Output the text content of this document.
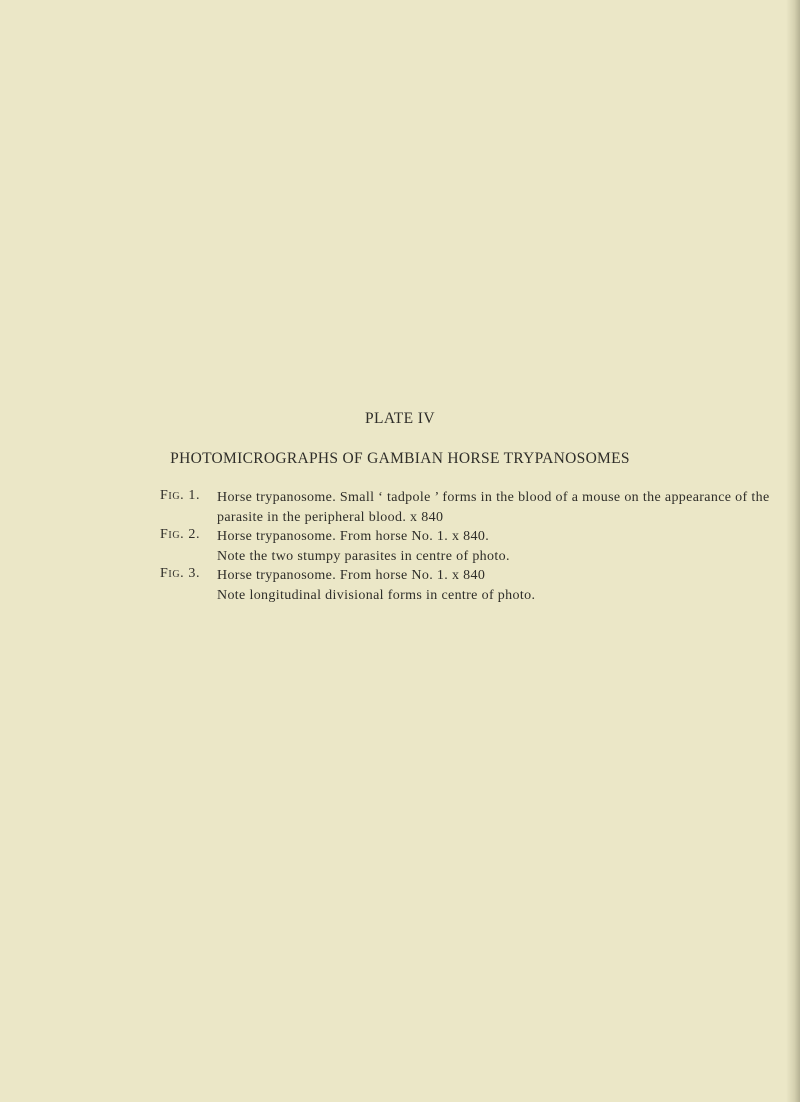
PLATE IV
PHOTOMICROGRAPHS OF GAMBIAN HORSE TRYPANOSOMES
Fig. 1. Horse trypanosome. Small ‘ tadpole ’ forms in the blood of a mouse on the appearance of the
parasite in the peripheral blood. x 840
Fig. 2. Horse trypanosome. From horse No. 1. x 840.
Note the two stumpy parasites in centre of photo.
Fig. 3. Horse trypanosome. From horse No. 1. x 840
Note longitudinal divisional forms in centre of photo.
